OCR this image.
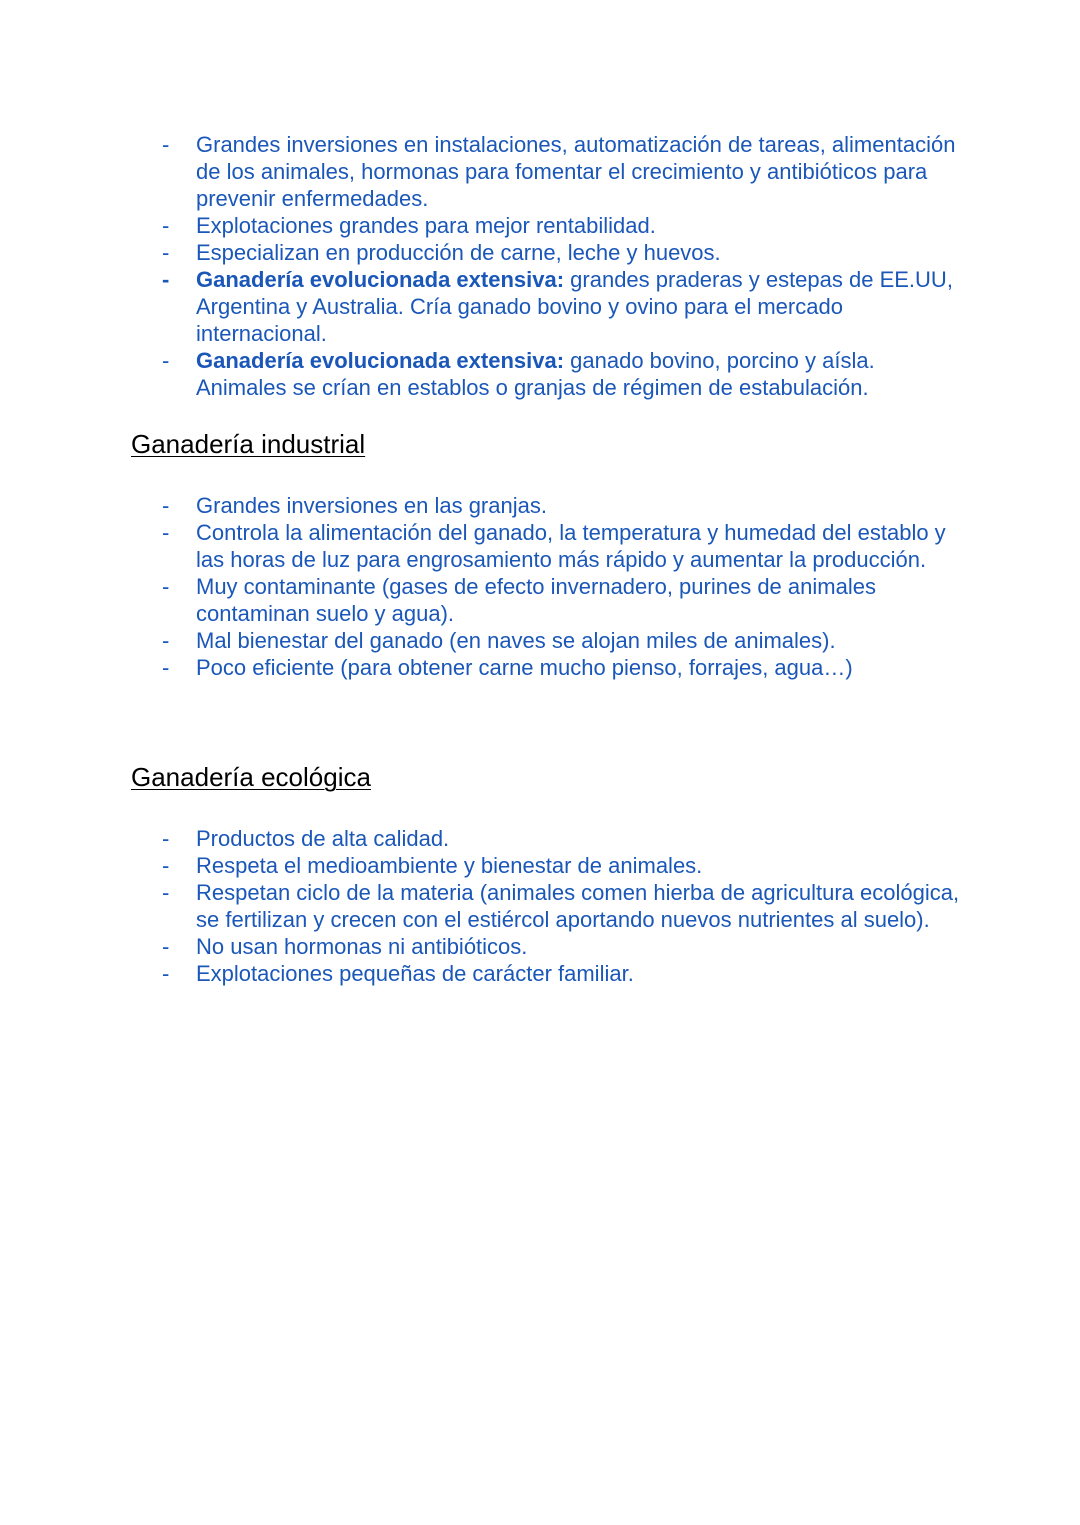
- Grandes inversiones en instalaciones, automatización de tareas, alimentación de los animales, hormonas para fomentar el crecimiento y antibióticos para prevenir enfermedades.
- Explotaciones grandes para mejor rentabilidad.
- Especializan en producción de carne, leche y huevos.
- Ganadería evolucionada extensiva: grandes praderas y estepas de EE.UU, Argentina y Australia. Cría ganado bovino y ovino para el mercado internacional.
- Ganadería evolucionada extensiva: ganado bovino, porcino y aísla. Animales se crían en establos o granjas de régimen de estabulación.
Ganadería industrial
- Grandes inversiones en las granjas.
- Controla la alimentación del ganado, la temperatura y humedad del establo y las horas de luz para engrosamiento más rápido y aumentar la producción.
- Muy contaminante (gases de efecto invernadero, purines de animales contaminan suelo y agua).
- Mal bienestar del ganado (en naves se alojan miles de animales).
- Poco eficiente (para obtener carne mucho pienso, forrajes, agua…)
Ganadería ecológica
- Productos de alta calidad.
- Respeta el medioambiente y bienestar de animales.
- Respetan ciclo de la materia (animales comen hierba de agricultura ecológica, se fertilizan y crecen con el estiércol aportando nuevos nutrientes al suelo).
- No usan hormonas ni antibióticos.
- Explotaciones pequeñas de carácter familiar.
